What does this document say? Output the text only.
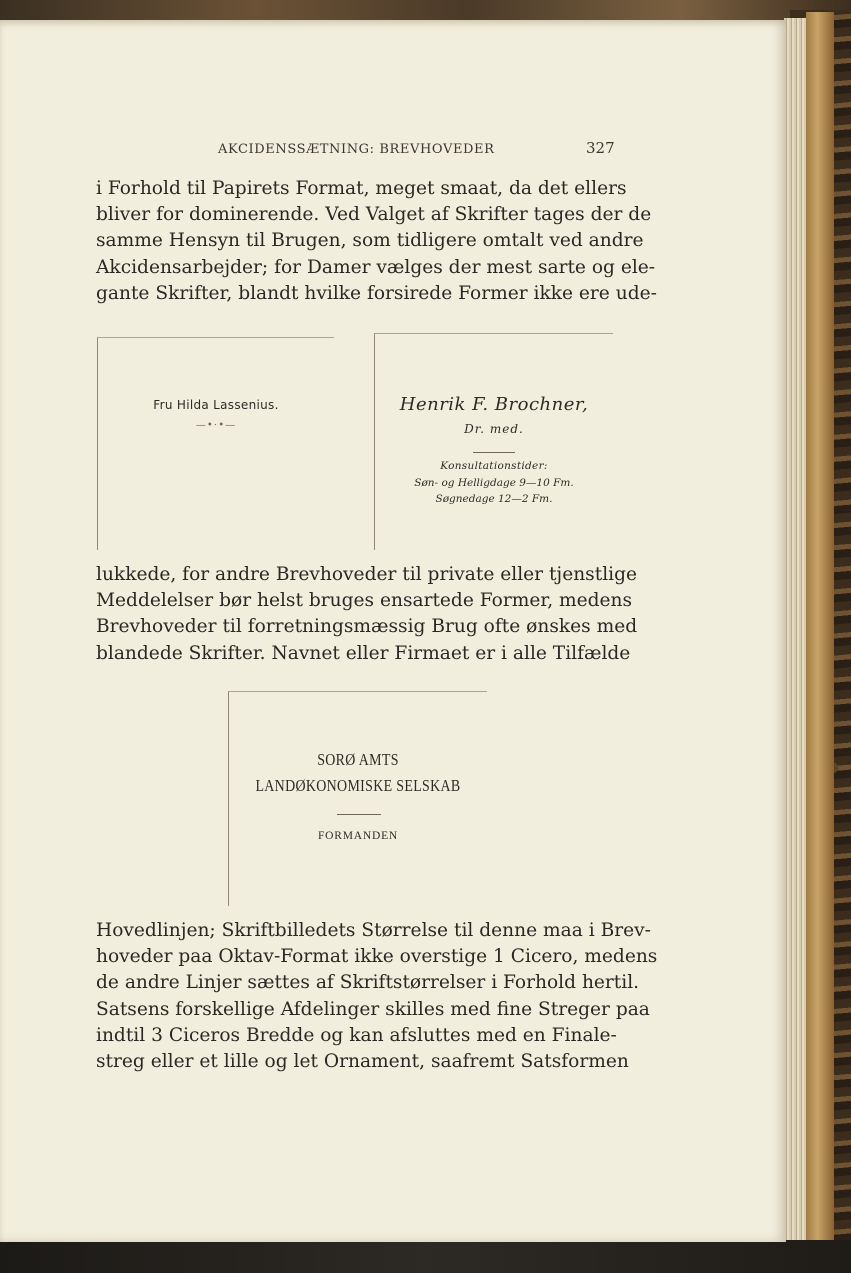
AKCIDENSSÆTNING: BREVHOVEDER	327
i Forhold til Papirets Format, meget smaat, da det ellers
bliver for dominerende. Ved Valget af Skrifter tages der de
samme Hensyn til Brugen, som tidligere omtalt ved andre
Akcidensarbejder; for Damer vælges der mest sarte og ele-
gante Skrifter, blandt hvilke forsirede Former ikke ere ude-
Fru Hilda Lassenius.
—•⋅•—
Henrik F. Brochner,
Dr. med.
Konsultationstider:
Søn- og Helligdage 9—10 Fm.
Søgnedage 12—2 Fm.
lukkede, for andre Brevhoveder til private eller tjenstlige
Meddelelser bør helst bruges ensartede Former, medens
Brevhoveder til forretningsmæssig Brug ofte ønskes med
blandede Skrifter. Navnet eller Firmaet er i alle Tilfælde
SORØ AMTS
LANDØKONOMISKE SELSKAB
FORMANDEN
Hovedlinjen; Skriftbilledets Størrelse til denne maa i Brev-
hoveder paa Oktav-Format ikke overstige 1 Cicero, medens
de andre Linjer sættes af Skriftstørrelser i Forhold hertil.
Satsens forskellige Afdelinger skilles med fine Streger paa
indtil 3 Ciceros Bredde og kan afsluttes med en Finale-
streg eller et lille og let Ornament, saafremt Satsformen
